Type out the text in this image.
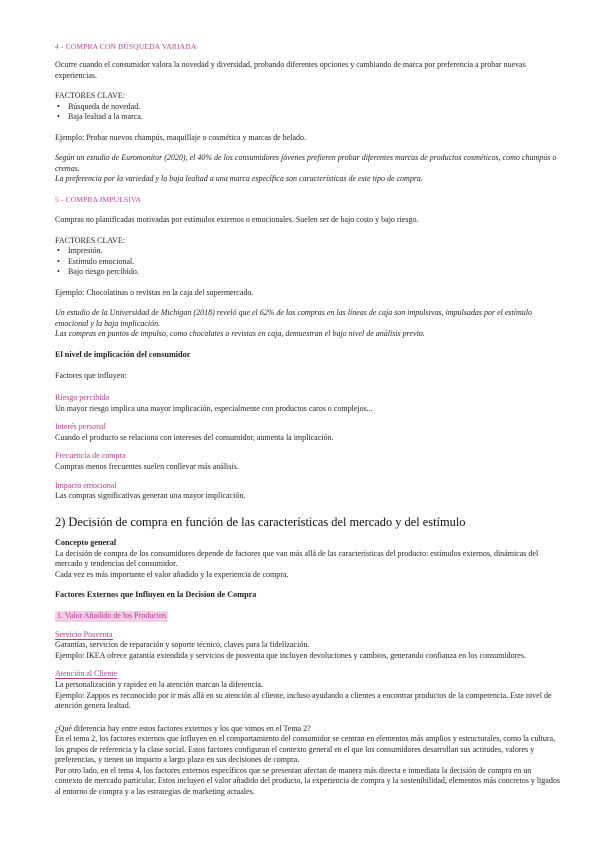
4 - COMPRA CON BÚSQUEDA VARIADA

Ocurre cuando el consumidor valora la novedad y diversidad, probando diferentes opciones y cambiando de marca por preferencia a probar nuevas experiencias.

FACTORES CLAVE:

• Búsqueda de novedad.
• Baja lealtad a la marca.

Ejemplo: Probar nuevos champús, maquillaje o cosmética y marcas de helado.

Según un estudio de Euromonitor (2020), el 40% de los consumidores jóvenes prefieren probar diferentes marcas de productos cosméticos, como champús o cremas.

La preferencia por la variedad y la baja lealtad a una marca específica son características de este tipo de compra.

5 - COMPRA IMPULSIVA

Compras no planificadas motivadas por estímulos externos o emocionales. Suelen ser de bajo costo y bajo riesgo.

FACTORES CLAVE:

• Impresión.
• Estímulo emocional.
• Bajo riesgo percibido.

Ejemplo: Chocolatinas o revistas en la caja del supermercado.

Un estudio de la Universidad de Michigan (2018) reveló que el 62% de las compras en las líneas de caja son impulsivas, impulsadas por el estímulo emocional y la baja implicación.

Las compras en puntos de impulso, como chocolates o revistas en caja, demuestran el bajo nivel de análisis previo.

El nivel de implicación del consumidor

Factores que influyen:

Riesgo percibido

Un mayor riesgo implica una mayor implicación, especialmente con productos caros o complejos...

Interés personal

Cuando el producto se relaciona con intereses del consumidor, aumenta la implicación.

Frecuencia de compra

Compras menos frecuentes suelen conllevar más análisis.

Impacto emocional

Las compras significativas generan una mayor implicación.

2) Decisión de compra en función de las características del mercado y del estímulo

Concepto general

La decisión de compra de los consumidores depende de factores que van más allá de las características del producto: estímulos externos, dinámicas del mercado y tendencias del consumidor.

Cada vez es más importante el valor añadido y la experiencia de compra.

Factores Externos que Influyen en la Decision de Compra

1. Valor Añadido de los Productos

Servicio Posventa

Garantías, servicios de reparación y soporte técnico, claves para la fidelización.

Ejemplo: IKEA ofrece garantía extendida y servicios de posventa que incluyen devoluciones y cambios, generando confianza en los consumidores.

Atención al Cliente

La personalización y rapidez en la atención marcan la diferencia.

Ejemplo: Zappos es reconocido por ir más allá en su atención al cliente, incluso ayudando a clientes a encontrar productos de la competencia. Este nivel de atención genera lealtad.

¿Qué diferencia hay entre estos factores externos y los que vimos en el Tema 2?

En el tema 2, los factores externos que influyen en el comportamiento del consumidor se centran en elementos más amplios y estructurales, como la cultura, los grupos de referencia y la clase social. Estos factores configuran el contexto general en el que los consumidores desarrollan sus actitudes, valores y preferencias, y tienen un impacto a largo plazo en sus decisiones de compra.

Por otro lado, en el tema 4, los factores externos específicos que se presentan afectan de manera más directa e inmediata la decisión de compra en un contexto de mercado particular. Estos incluyen el valor añadido del producto, la experiencia de compra y la sostenibilidad, elementos más concretos y ligados al entorno de compra y a las estrategias de marketing actuales.
